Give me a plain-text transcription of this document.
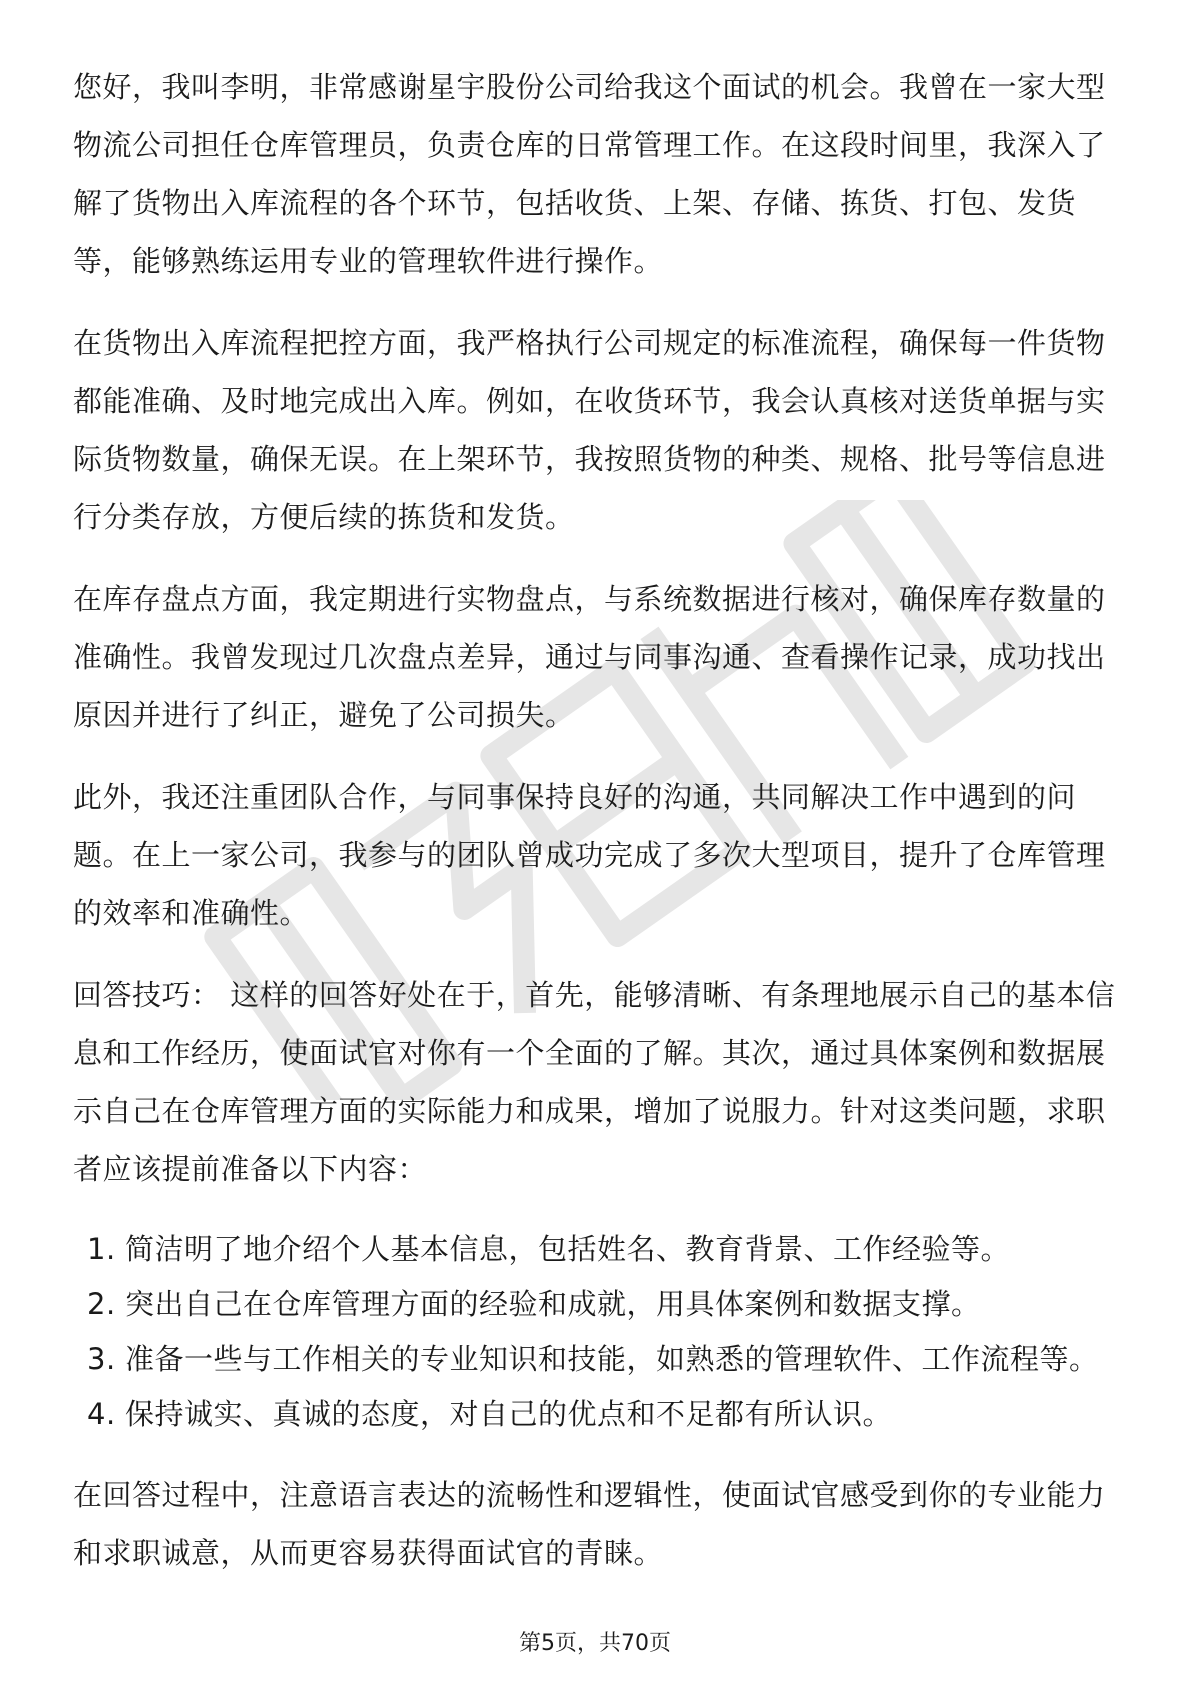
您好，我叫李明，非常感谢星宇股份公司给我这个面试的机会。我曾在一家大型物流公司担任仓库管理员，负责仓库的日常管理工作。在这段时间里，我深入了解了货物出入库流程的各个环节，包括收货、上架、存储、拣货、打包、发货等，能够熟练运用专业的管理软件进行操作。

在货物出入库流程把控方面，我严格执行公司规定的标准流程，确保每一件货物都能准确、及时地完成出入库。例如，在收货环节，我会认真核对送货单据与实际货物数量，确保无误。在上架环节，我按照货物的种类、规格、批号等信息进行分类存放，方便后续的拣货和发货。

在库存盘点方面，我定期进行实物盘点，与系统数据进行核对，确保库存数量的准确性。我曾发现过几次盘点差异，通过与同事沟通、查看操作记录，成功找出原因并进行了纠正，避免了公司损失。

此外，我还注重团队合作，与同事保持良好的沟通，共同解决工作中遇到的问题。在上一家公司，我参与的团队曾成功完成了多次大型项目，提升了仓库管理的效率和准确性。

回答技巧： 这样的回答好处在于，首先，能够清晰、有条理地展示自己的基本信息和工作经历，使面试官对你有一个全面的了解。其次，通过具体案例和数据展示自己在仓库管理方面的实际能力和成果，增加了说服力。针对这类问题，求职者应该提前准备以下内容：

1. 简洁明了地介绍个人基本信息，包括姓名、教育背景、工作经验等。
2. 突出自己在仓库管理方面的经验和成就，用具体案例和数据支撑。
3. 准备一些与工作相关的专业知识和技能，如熟悉的管理软件、工作流程等。
4. 保持诚实、真诚的态度，对自己的优点和不足都有所认识。

在回答过程中，注意语言表达的流畅性和逻辑性，使面试官感受到你的专业能力和求职诚意，从而更容易获得面试官的青睐。

第5页，共70页
